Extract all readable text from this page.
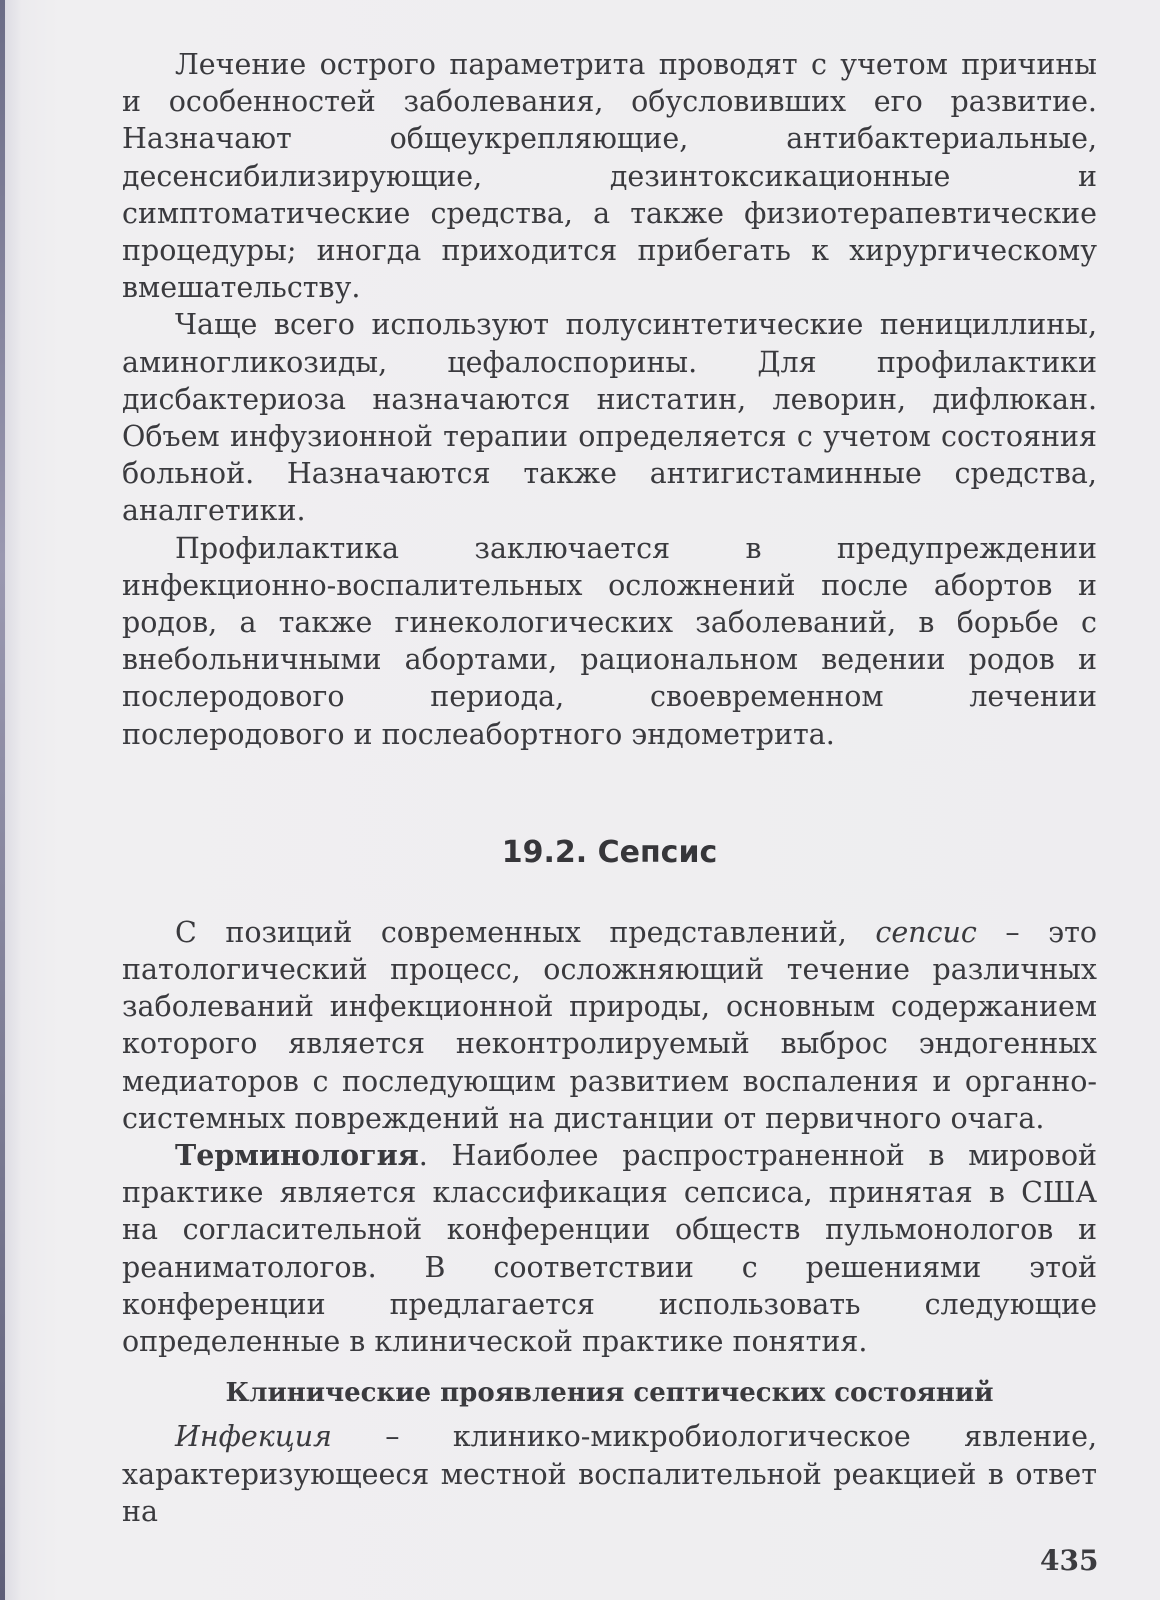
Лечение острого параметрита проводят с учетом причины и особенностей заболевания, обусловивших его развитие. Назначают общеукрепляющие, антибактериальные, десенсибилизирующие, дезинтоксикационные и симптоматические средства, а также физиотерапевтические процедуры; иногда приходится прибегать к хирургическому вмешательству.

Чаще всего используют полусинтетические пенициллины, аминогликозиды, цефалоспорины. Для профилактики дисбактериоза назначаются нистатин, леворин, дифлюкан. Объем инфузионной терапии определяется с учетом состояния больной. Назначаются также антигистаминные средства, аналгетики.

Профилактика заключается в предупреждении инфекционно-воспалительных осложнений после абортов и родов, а также гинекологических заболеваний, в борьбе с внебольничными абортами, рациональном ведении родов и послеродового периода, своевременном лечении послеродового и послеабортного эндометрита.

19.2. Сепсис

С позиций современных представлений, сепсис – это патологический процесс, осложняющий течение различных заболеваний инфекционной природы, основным содержанием которого является неконтролируемый выброс эндогенных медиаторов с последующим развитием воспаления и органно-системных повреждений на дистанции от первичного очага.

Терминология. Наиболее распространенной в мировой практике является классификация сепсиса, принятая в США на согласительной конференции обществ пульмонологов и реаниматологов. В соответствии с решениями этой конференции предлагается использовать следующие определенные в клинической практике понятия.

Клинические проявления септических состояний

Инфекция – клинико-микробиологическое явление, характеризующееся местной воспалительной реакцией в ответ на

435
